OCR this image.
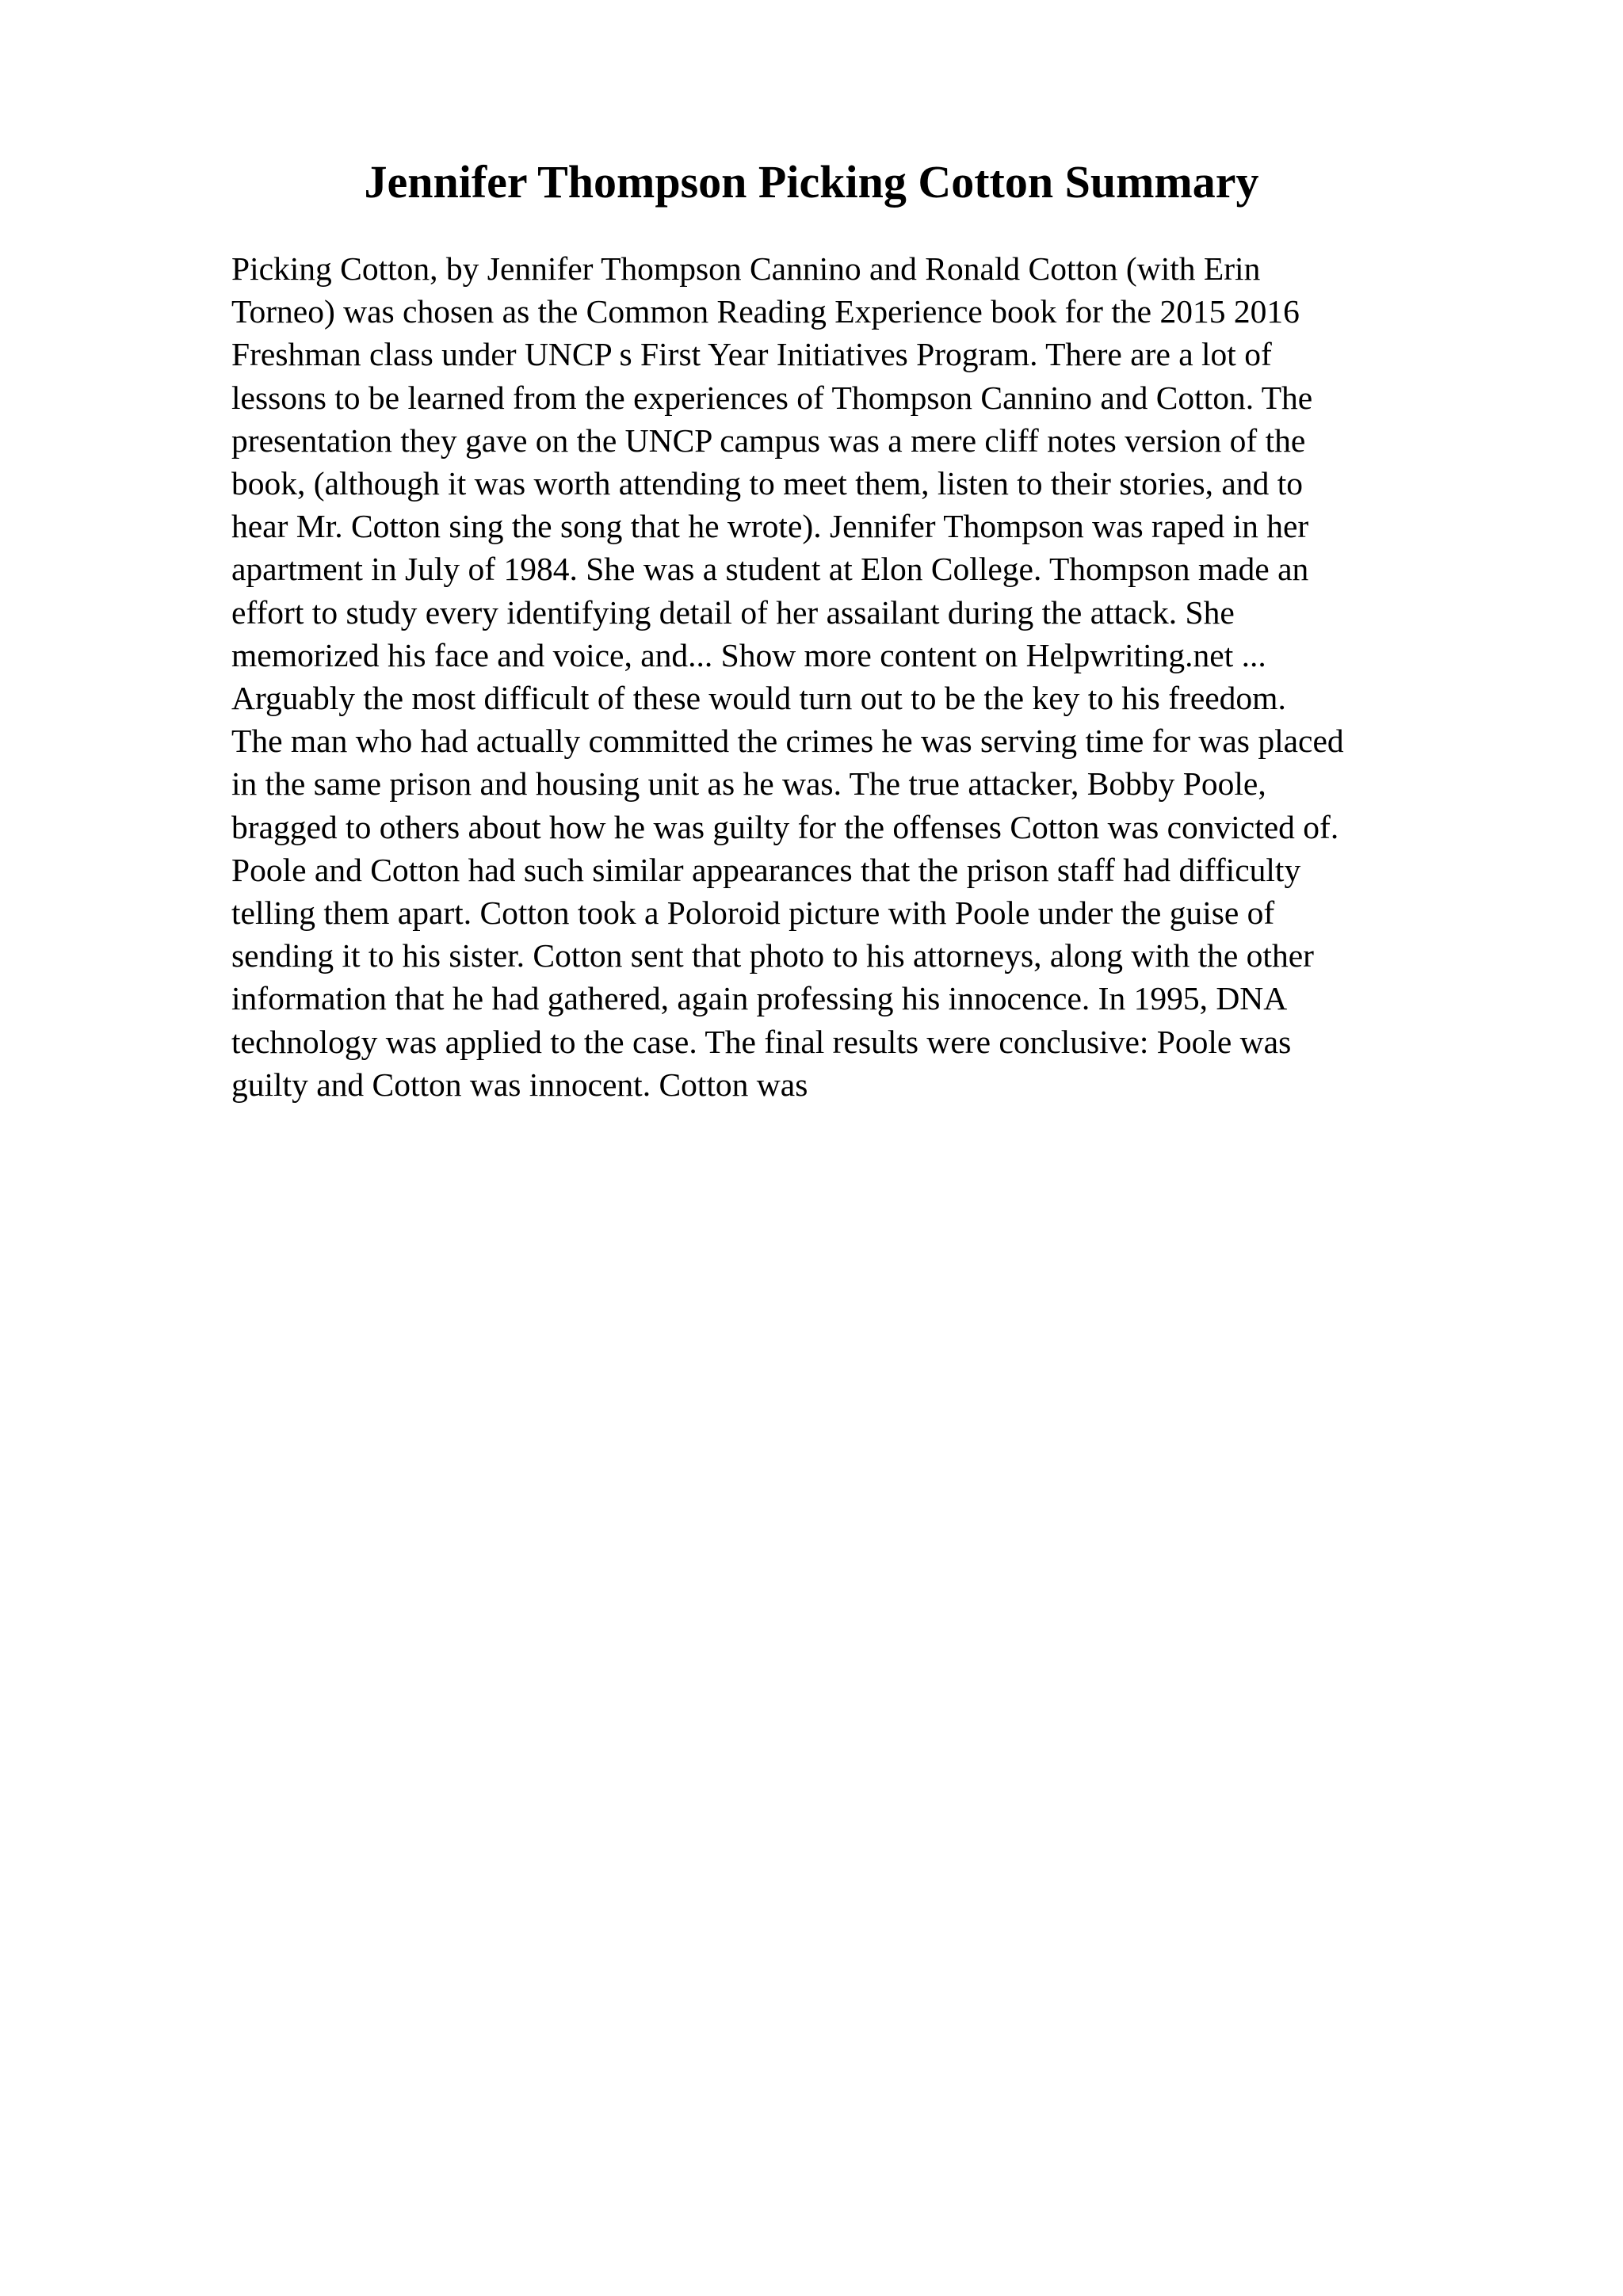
Jennifer Thompson Picking Cotton Summary
Picking Cotton, by Jennifer Thompson Cannino and Ronald Cotton (with Erin
Torneo) was chosen as the Common Reading Experience book for the 2015 2016
Freshman class under UNCP s First Year Initiatives Program. There are a lot of
lessons to be learned from the experiences of Thompson Cannino and Cotton. The
presentation they gave on the UNCP campus was a mere cliff notes version of the
book, (although it was worth attending to meet them, listen to their stories, and to
hear Mr. Cotton sing the song that he wrote). Jennifer Thompson was raped in her
apartment in July of 1984. She was a student at Elon College. Thompson made an
effort to study every identifying detail of her assailant during the attack. She
memorized his face and voice, and... Show more content on Helpwriting.net ...
Arguably the most difficult of these would turn out to be the key to his freedom.
The man who had actually committed the crimes he was serving time for was placed
in the same prison and housing unit as he was. The true attacker, Bobby Poole,
bragged to others about how he was guilty for the offenses Cotton was convicted of.
Poole and Cotton had such similar appearances that the prison staff had difficulty
telling them apart. Cotton took a Poloroid picture with Poole under the guise of
sending it to his sister. Cotton sent that photo to his attorneys, along with the other
information that he had gathered, again professing his innocence. In 1995, DNA
technology was applied to the case. The final results were conclusive: Poole was
guilty and Cotton was innocent. Cotton was
